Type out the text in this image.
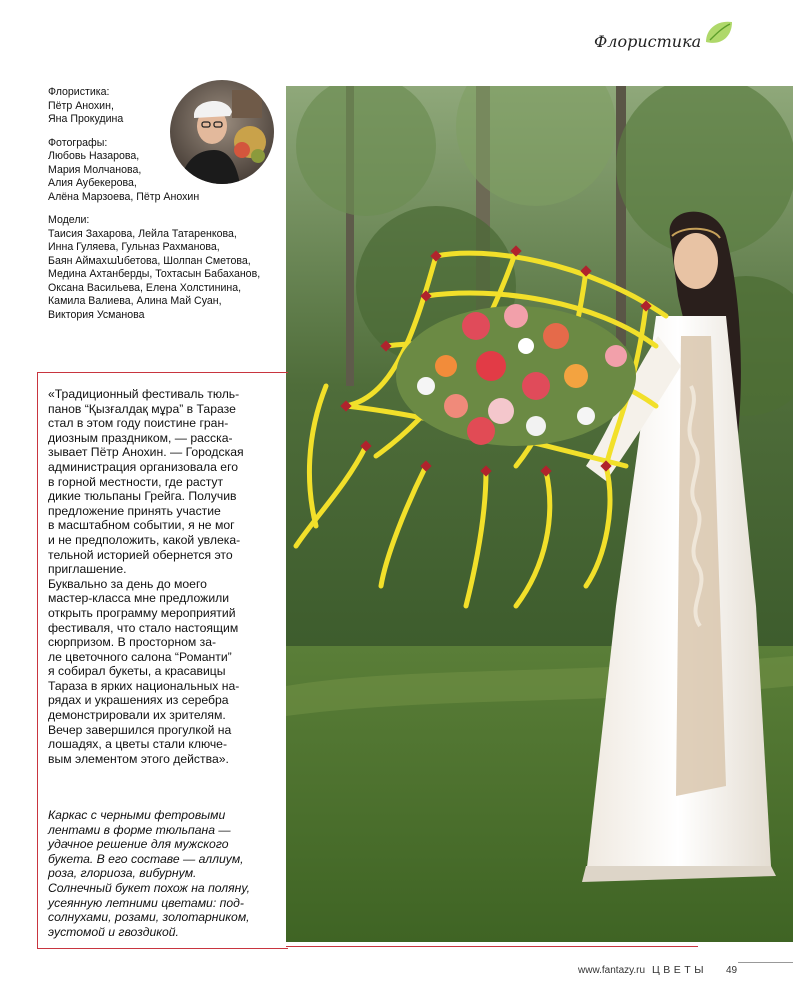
Флористика

Флористика:
Пётр Анохин,
Яна Прокудина

Фотографы:
Любовь Назарова,
Мария Молчанова,
Алия Аубекерова,
Алёна Марзоева, Пётр Анохин

Модели:
Таисия Захарова, Лейла Татаренкова,
Инна Гуляева, Гульназ Рахманова,
Баян Аймахանбетова, Шолпан Сметова,
Медина Ахтанберды, Тохтасын Бабаханов,
Оксана Васильева, Елена Холстинина,
Камила Валиева, Алина Май Суан,
Виктория Усманова

«Традиционный фестиваль тюль-
панов “Қызғалдақ мұра” в Таразе
стал в этом году поистине гран-
диозным праздником, — расска-
зывает Пётр Анохин. — Городская
администрация организовала его
в горной местности, где растут
дикие тюльпаны Грейга. Получив
предложение принять участие
в масштабном событии, я не мог
и не предположить, какой увлека-
тельной историей обернется это
приглашение.
Буквально за день до моего
мастер-класса мне предложили
открыть программу мероприятий
фестиваля, что стало настоящим
сюрпризом. В просторном за-
ле цветочного салона “Романти”
я собирал букеты, а красавицы
Тараза в ярких национальных на-
рядах и украшениях из серебра
демонстрировали их зрителям.
Вечер завершился прогулкой на
лошадях, а цветы стали ключе-
вым элементом этого действа».

Каркас с черными фетровыми
лентами в форме тюльпана —
удачное решение для мужского
букета. В его составе — аллиум,
роза, глориоза, вибурнум.
Солнечный букет похож на поляну,
усеянную летними цветами: под-
солнухами, розами, золотарником,
эустомой и гвоздикой.

www.fantazy.ru ЦВЕТЫ 49
